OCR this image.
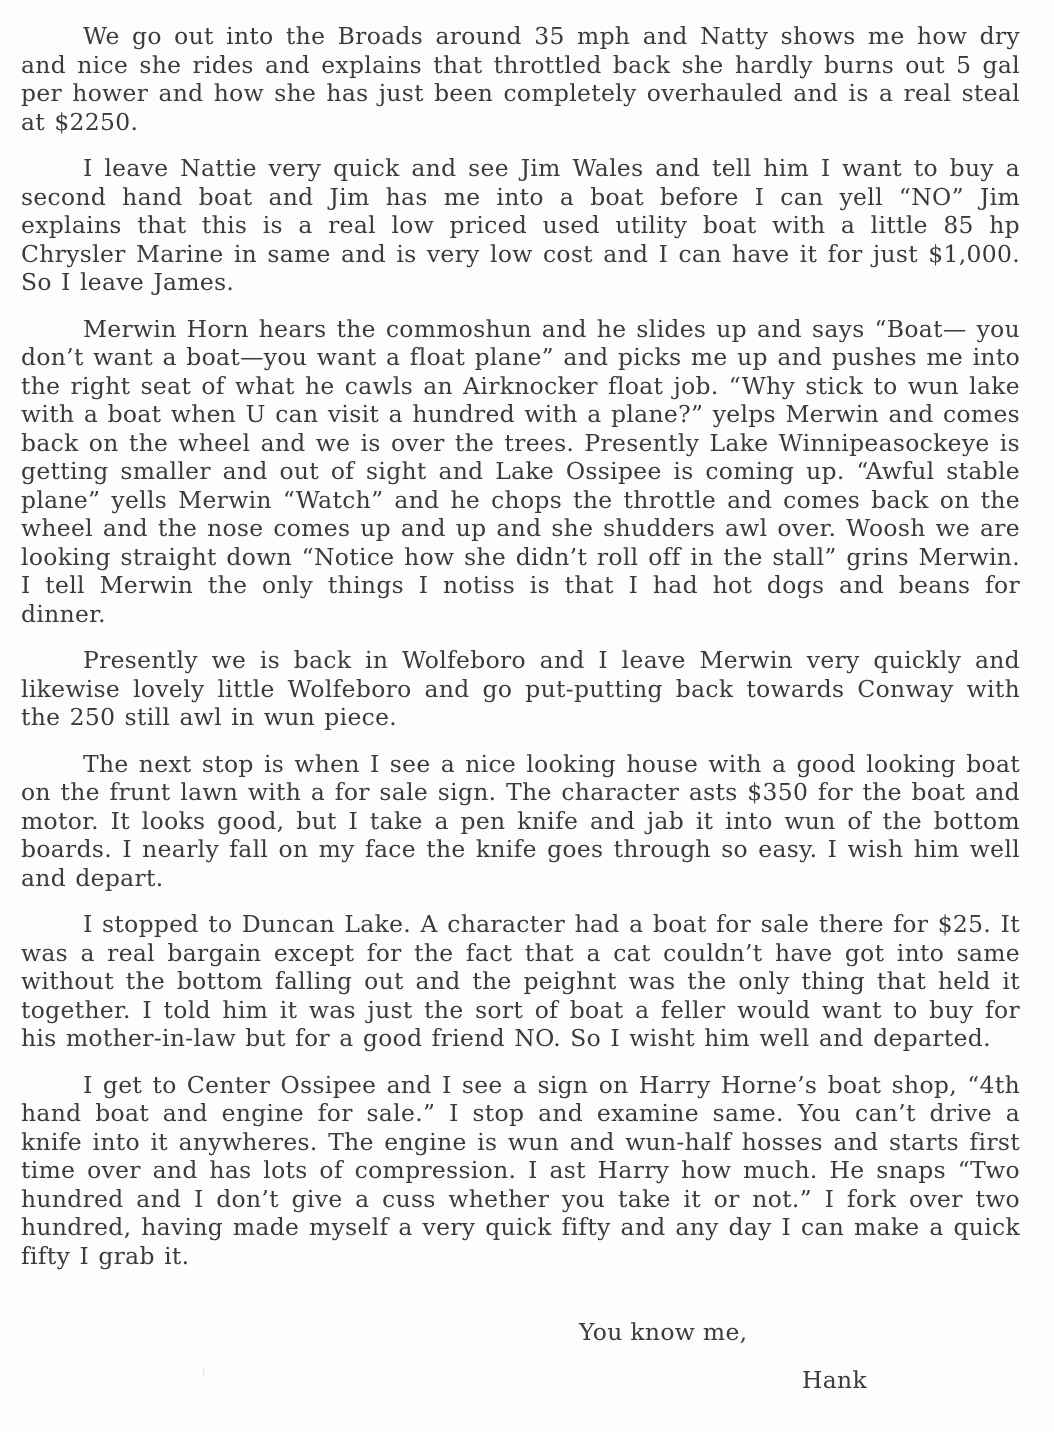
We go out into the Broads around 35 mph and Natty shows me how dry and nice she rides and explains that throttled back she hardly burns out 5 gal per hower and how she has just been completely overhauled and is a real steal at $2250.

I leave Nattie very quick and see Jim Wales and tell him I want to buy a second hand boat and Jim has me into a boat before I can yell “NO” Jim explains that this is a real low priced used utility boat with a little 85 hp Chrysler Marine in same and is very low cost and I can have it for just $1,000. So I leave James.

Merwin Horn hears the commoshun and he slides up and says “Boat— you don’t want a boat—you want a float plane” and picks me up and pushes me into the right seat of what he cawls an Airknocker float job. “Why stick to wun lake with a boat when U can visit a hundred with a plane?” yelps Merwin and comes back on the wheel and we is over the trees. Presently Lake Winnipeasockeye is getting smaller and out of sight and Lake Ossipee is coming up. “Awful stable plane” yells Merwin “Watch” and he chops the throttle and comes back on the wheel and the nose comes up and up and she shudders awl over. Woosh we are looking straight down “Notice how she didn’t roll off in the stall” grins Merwin. I tell Merwin the only things I notiss is that I had hot dogs and beans for dinner.

Presently we is back in Wolfeboro and I leave Merwin very quickly and likewise lovely little Wolfeboro and go put-putting back towards Conway with the 250 still awl in wun piece.

The next stop is when I see a nice looking house with a good looking boat on the frunt lawn with a for sale sign. The character asts $350 for the boat and motor. It looks good, but I take a pen knife and jab it into wun of the bottom boards. I nearly fall on my face the knife goes through so easy. I wish him well and depart.

I stopped to Duncan Lake. A character had a boat for sale there for $25. It was a real bargain except for the fact that a cat couldn’t have got into same without the bottom falling out and the peighnt was the only thing that held it together. I told him it was just the sort of boat a feller would want to buy for his mother-in-law but for a good friend NO. So I wisht him well and departed.

I get to Center Ossipee and I see a sign on Harry Horne’s boat shop, “4th hand boat and engine for sale.” I stop and examine same. You can’t drive a knife into it anywheres. The engine is wun and wun-half hosses and starts first time over and has lots of compression. I ast Harry how much. He snaps “Two hundred and I don’t give a cuss whether you take it or not.” I fork over two hundred, having made myself a very quick fifty and any day I can make a quick fifty I grab it.

You know me,
Hank
